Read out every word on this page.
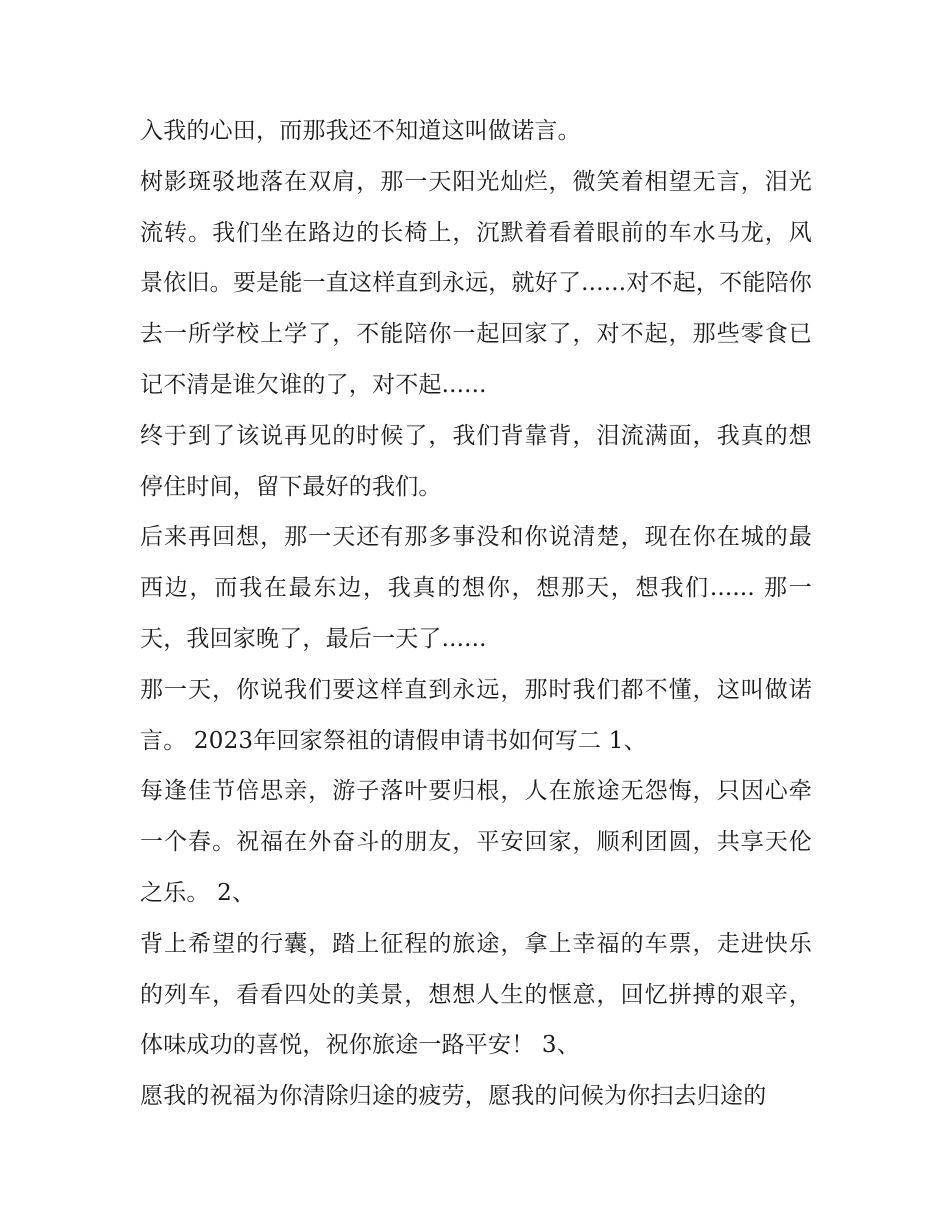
入我的心田，而那我还不知道这叫做诺言。

树影斑驳地落在双肩，那一天阳光灿烂，微笑着相望无言，泪光流转。我们坐在路边的长椅上，沉默着看着眼前的车水马龙，风景依旧。要是能一直这样直到永远，就好了......对不起，不能陪你去一所学校上学了，不能陪你一起回家了，对不起，那些零食已记不清是谁欠谁的了，对不起......

终于到了该说再见的时候了，我们背靠背，泪流满面，我真的想停住时间，留下最好的我们。

后来再回想，那一天还有那多事没和你说清楚，现在你在城的最西边，而我在最东边，我真的想你，想那天，想我们...... 那一天，我回家晚了，最后一天了......

那一天，你说我们要这样直到永远，那时我们都不懂，这叫做诺言。 2023年回家祭祖的请假申请书如何写二 1、

每逢佳节倍思亲，游子落叶要归根，人在旅途无怨悔，只因心牵一个春。祝福在外奋斗的朋友，平安回家，顺利团圆，共享天伦之乐。 2、

背上希望的行囊，踏上征程的旅途，拿上幸福的车票，走进快乐的列车，看看四处的美景，想想人生的惬意，回忆拼搏的艰辛，体味成功的喜悦，祝你旅途一路平安！ 3、

愿我的祝福为你清除归途的疲劳，愿我的问候为你扫去归途的
